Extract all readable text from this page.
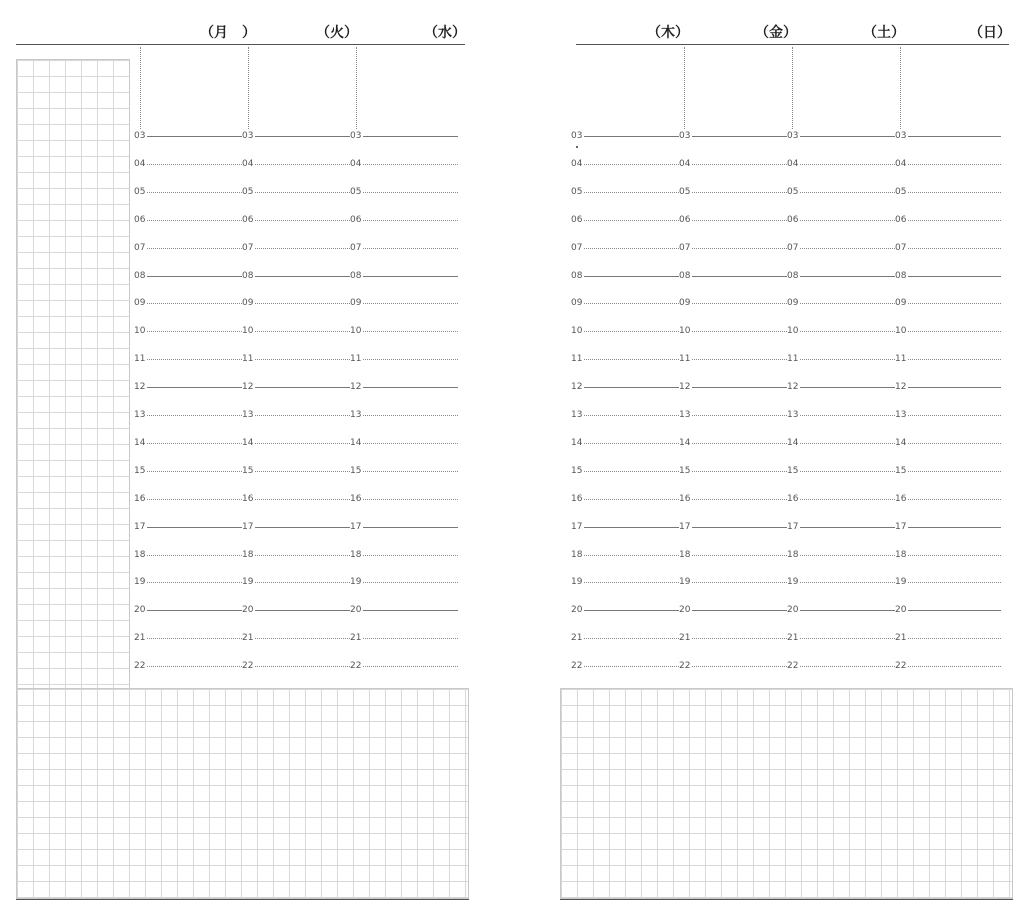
（月　）	（火）	（水）
03	03	03
04	04	04
05	05	05
06	06	06
07	07	07
08	08	08
09	09	09
10	10	10
11	11	11
12	12	12
13	13	13
14	14	14
15	15	15
16	16	16
17	17	17
18	18	18
19	19	19
20	20	20
21	21	21
22	22	22
（木）	（金）	（土）	（日）
03	03	03	03
04	04	04	04
05	05	05	05
06	06	06	06
07	07	07	07
08	08	08	08
09	09	09	09
10	10	10	10
11	11	11	11
12	12	12	12
13	13	13	13
14	14	14	14
15	15	15	15
16	16	16	16
17	17	17	17
18	18	18	18
19	19	19	19
20	20	20	20
21	21	21	21
22	22	22	22
